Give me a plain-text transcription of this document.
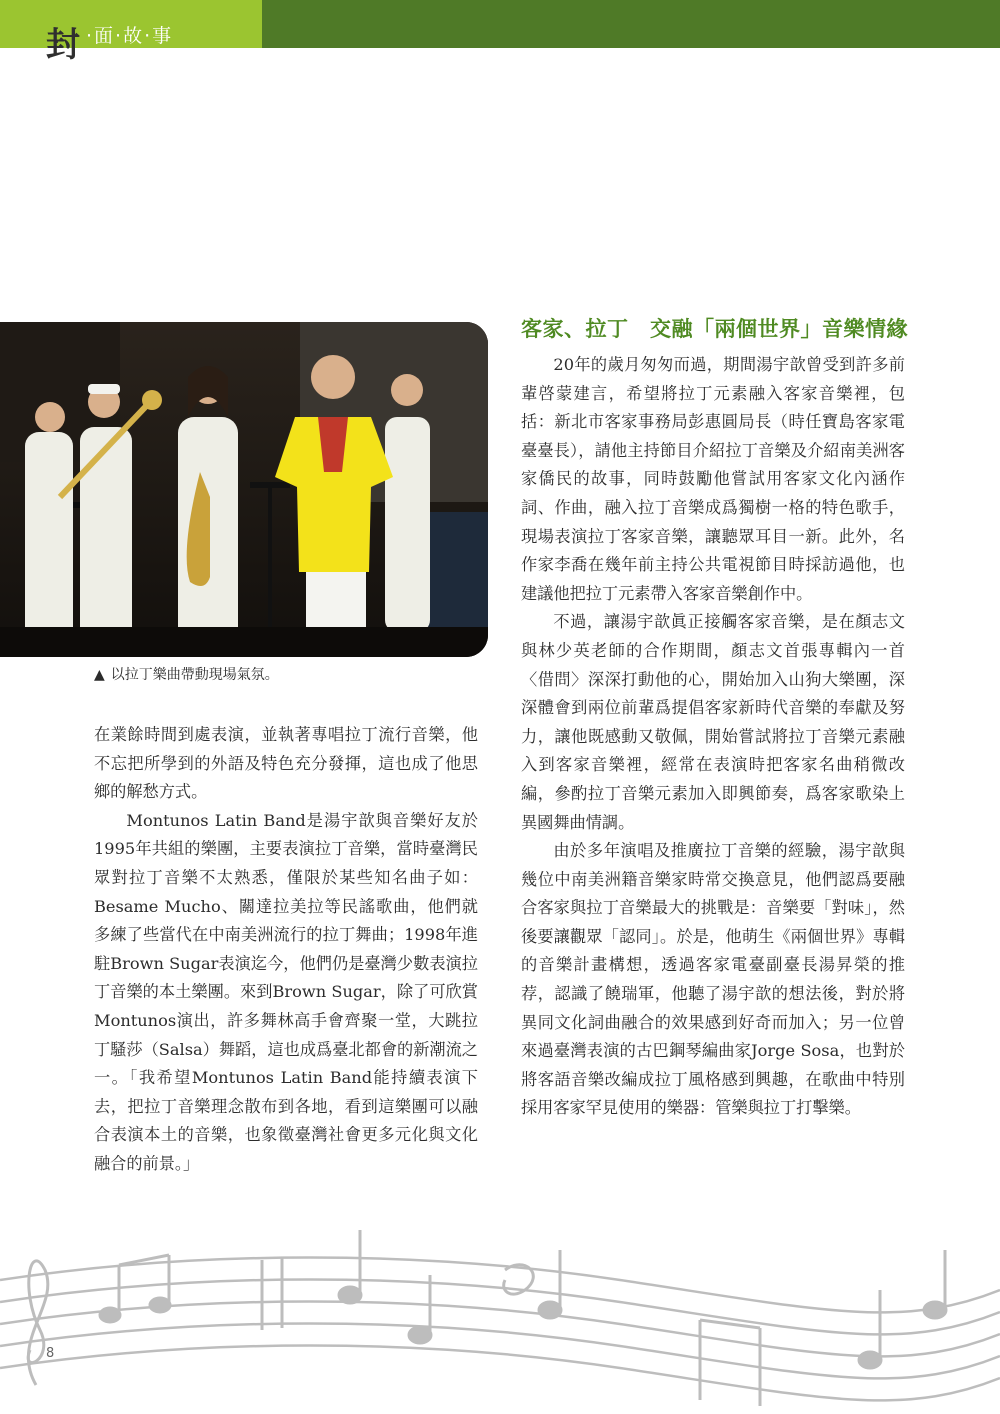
封 ·面·故·事
▲ 以拉丁樂曲帶動現場氣氛。

在業餘時間到處表演，並執著專唱拉丁流行音樂，他不忘把所學到的外語及特色充分發揮，這也成了他思鄉的解愁方式。

Montunos Latin Band是湯宇歆與音樂好友於1995年共組的樂團，主要表演拉丁音樂，當時臺灣民眾對拉丁音樂不太熟悉，僅限於某些知名曲子如：Besame Mucho、關達拉美拉等民謠歌曲，他們就多練了些當代在中南美洲流行的拉丁舞曲；1998年進駐Brown Sugar表演迄今，他們仍是臺灣少數表演拉丁音樂的本土樂團。來到Brown Sugar，除了可欣賞Montunos演出，許多舞林高手會齊聚一堂，大跳拉丁騷莎（Salsa）舞蹈，這也成爲臺北都會的新潮流之一。「我希望Montunos Latin Band能持續表演下去，把拉丁音樂理念散布到各地，看到這樂團可以融合表演本土的音樂，也象徵臺灣社會更多元化與文化融合的前景。」

客家、拉丁　交融「兩個世界」音樂情緣

20年的歲月匆匆而過，期間湯宇歆曾受到許多前輩啓蒙建言，希望將拉丁元素融入客家音樂裡，包括：新北市客家事務局彭惠圓局長（時任寶島客家電臺臺長），請他主持節目介紹拉丁音樂及介紹南美洲客家僑民的故事，同時鼓勵他嘗試用客家文化內涵作詞、作曲，融入拉丁音樂成爲獨樹一格的特色歌手，現場表演拉丁客家音樂，讓聽眾耳目一新。此外，名作家李喬在幾年前主持公共電視節目時採訪過他，也建議他把拉丁元素帶入客家音樂創作中。

不過，讓湯宇歆眞正接觸客家音樂，是在顏志文與林少英老師的合作期間，顏志文首張專輯內一首〈借問〉深深打動他的心，開始加入山狗大樂團，深深體會到兩位前輩爲提倡客家新時代音樂的奉獻及努力，讓他既感動又敬佩，開始嘗試將拉丁音樂元素融入到客家音樂裡，經常在表演時把客家名曲稍微改編，參酌拉丁音樂元素加入即興節奏，爲客家歌染上異國舞曲情調。

由於多年演唱及推廣拉丁音樂的經驗，湯宇歆與幾位中南美洲籍音樂家時常交換意見，他們認爲要融合客家與拉丁音樂最大的挑戰是：音樂要「對味」，然後要讓觀眾「認同」。於是，他萌生《兩個世界》專輯的音樂計畫構想，透過客家電臺副臺長湯昇榮的推荐，認識了饒瑞軍，他聽了湯宇歆的想法後，對於將異同文化詞曲融合的效果感到好奇而加入；另一位曾來過臺灣表演的古巴鋼琴編曲家Jorge Sosa，也對於將客語音樂改編成拉丁風格感到興趣，在歌曲中特別採用客家罕見使用的樂器：管樂與拉丁打擊樂。

8
